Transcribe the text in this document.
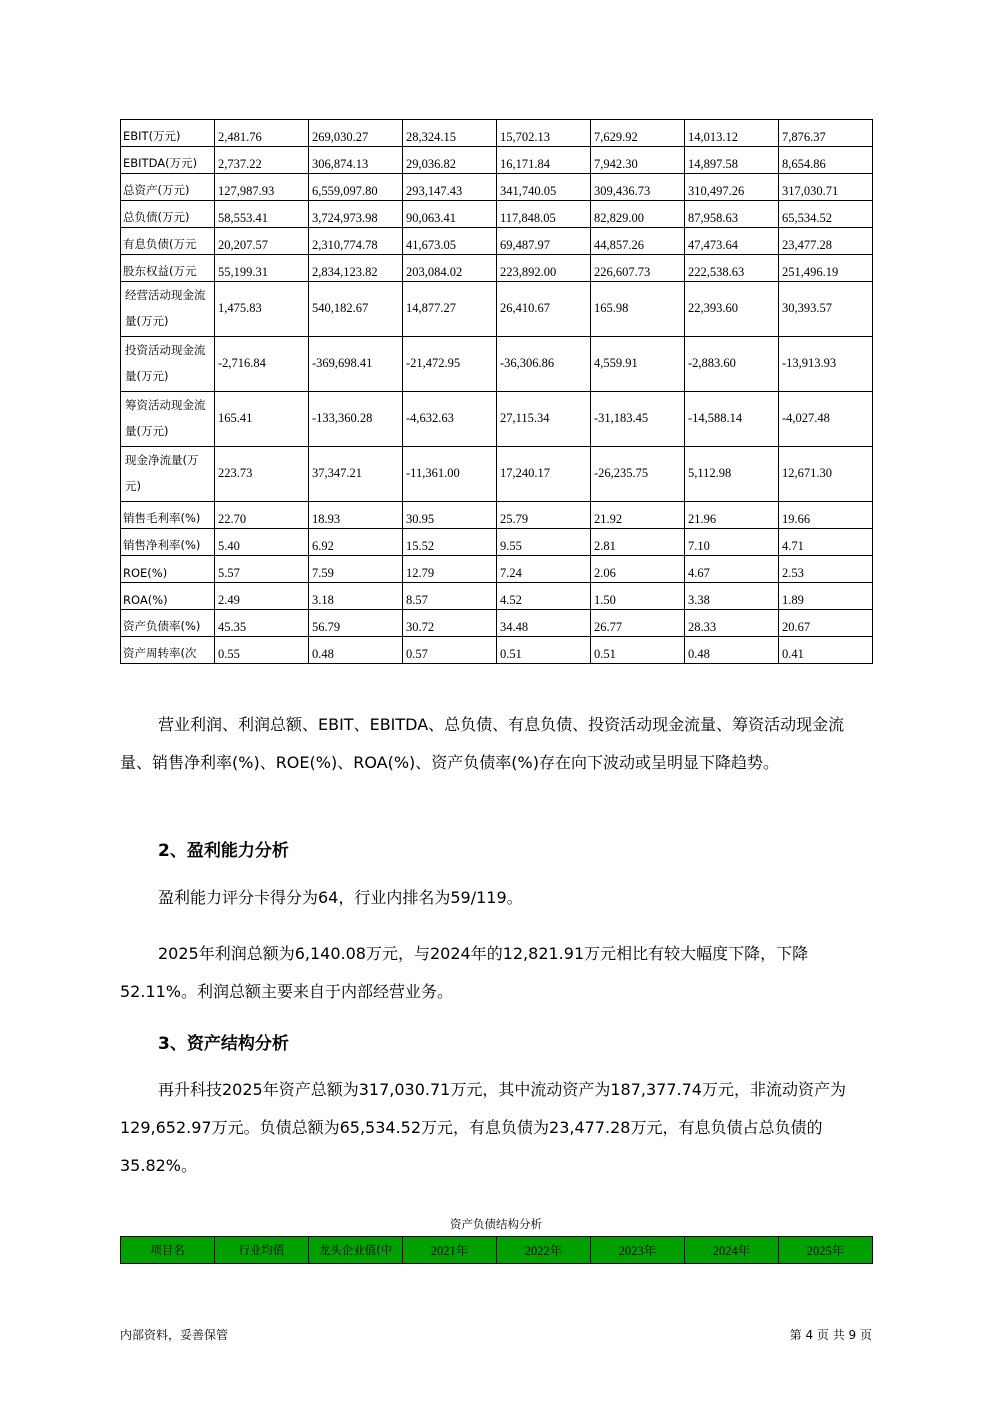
EBIT(万元)	2,481.76	269,030.27	28,324.15	15,702.13	7,629.92	14,013.12	7,876.37
EBITDA(万元)	2,737.22	306,874.13	29,036.82	16,171.84	7,942.30	14,897.58	8,654.86
总资产(万元)	127,987.93	6,559,097.80	293,147.43	341,740.05	309,436.73	310,497.26	317,030.71
总负债(万元)	58,553.41	3,724,973.98	90,063.41	117,848.05	82,829.00	87,958.63	65,534.52
有息负债(万元	20,207.57	2,310,774.78	41,673.05	69,487.97	44,857.26	47,473.64	23,477.28
股东权益(万元	55,199.31	2,834,123.82	203,084.02	223,892.00	226,607.73	222,538.63	251,496.19
经营活动现金流量(万元)	1,475.83	540,182.67	14,877.27	26,410.67	165.98	22,393.60	30,393.57
投资活动现金流量(万元)	-2,716.84	-369,698.41	-21,472.95	-36,306.86	4,559.91	-2,883.60	-13,913.93
筹资活动现金流量(万元)	165.41	-133,360.28	-4,632.63	27,115.34	-31,183.45	-14,588.14	-4,027.48
现金净流量(万元)	223.73	37,347.21	-11,361.00	17,240.17	-26,235.75	5,112.98	12,671.30
销售毛利率(%)	22.70	18.93	30.95	25.79	21.92	21.96	19.66
销售净利率(%)	5.40	6.92	15.52	9.55	2.81	7.10	4.71
ROE(%)	5.57	7.59	12.79	7.24	2.06	4.67	2.53
ROA(%)	2.49	3.18	8.57	4.52	1.50	3.38	1.89
资产负债率(%)	45.35	56.79	30.72	34.48	26.77	28.33	20.67
资产周转率(次	0.55	0.48	0.57	0.51	0.51	0.48	0.41

营业利润、利润总额、EBIT、EBITDA、总负债、有息负债、投资活动现金流量、筹资活动现金流量、销售净利率(%)、ROE(%)、ROA(%)、资产负债率(%)存在向下波动或呈明显下降趋势。

2、盈利能力分析

盈利能力评分卡得分为64，行业内排名为59/119。

2025年利润总额为6,140.08万元，与2024年的12,821.91万元相比有较大幅度下降，下降52.11%。利润总额主要来自于内部经营业务。

3、资产结构分析

再升科技2025年资产总额为317,030.71万元，其中流动资产为187,377.74万元，非流动资产为129,652.97万元。负债总额为65,534.52万元，有息负债为23,477.28万元，有息负债占总负债的35.82%。

资产负债结构分析
项目名	行业均值	龙头企业值(中	2021年	2022年	2023年	2024年	2025年
内部资料，妥善保管	第 4 页 共 9 页
